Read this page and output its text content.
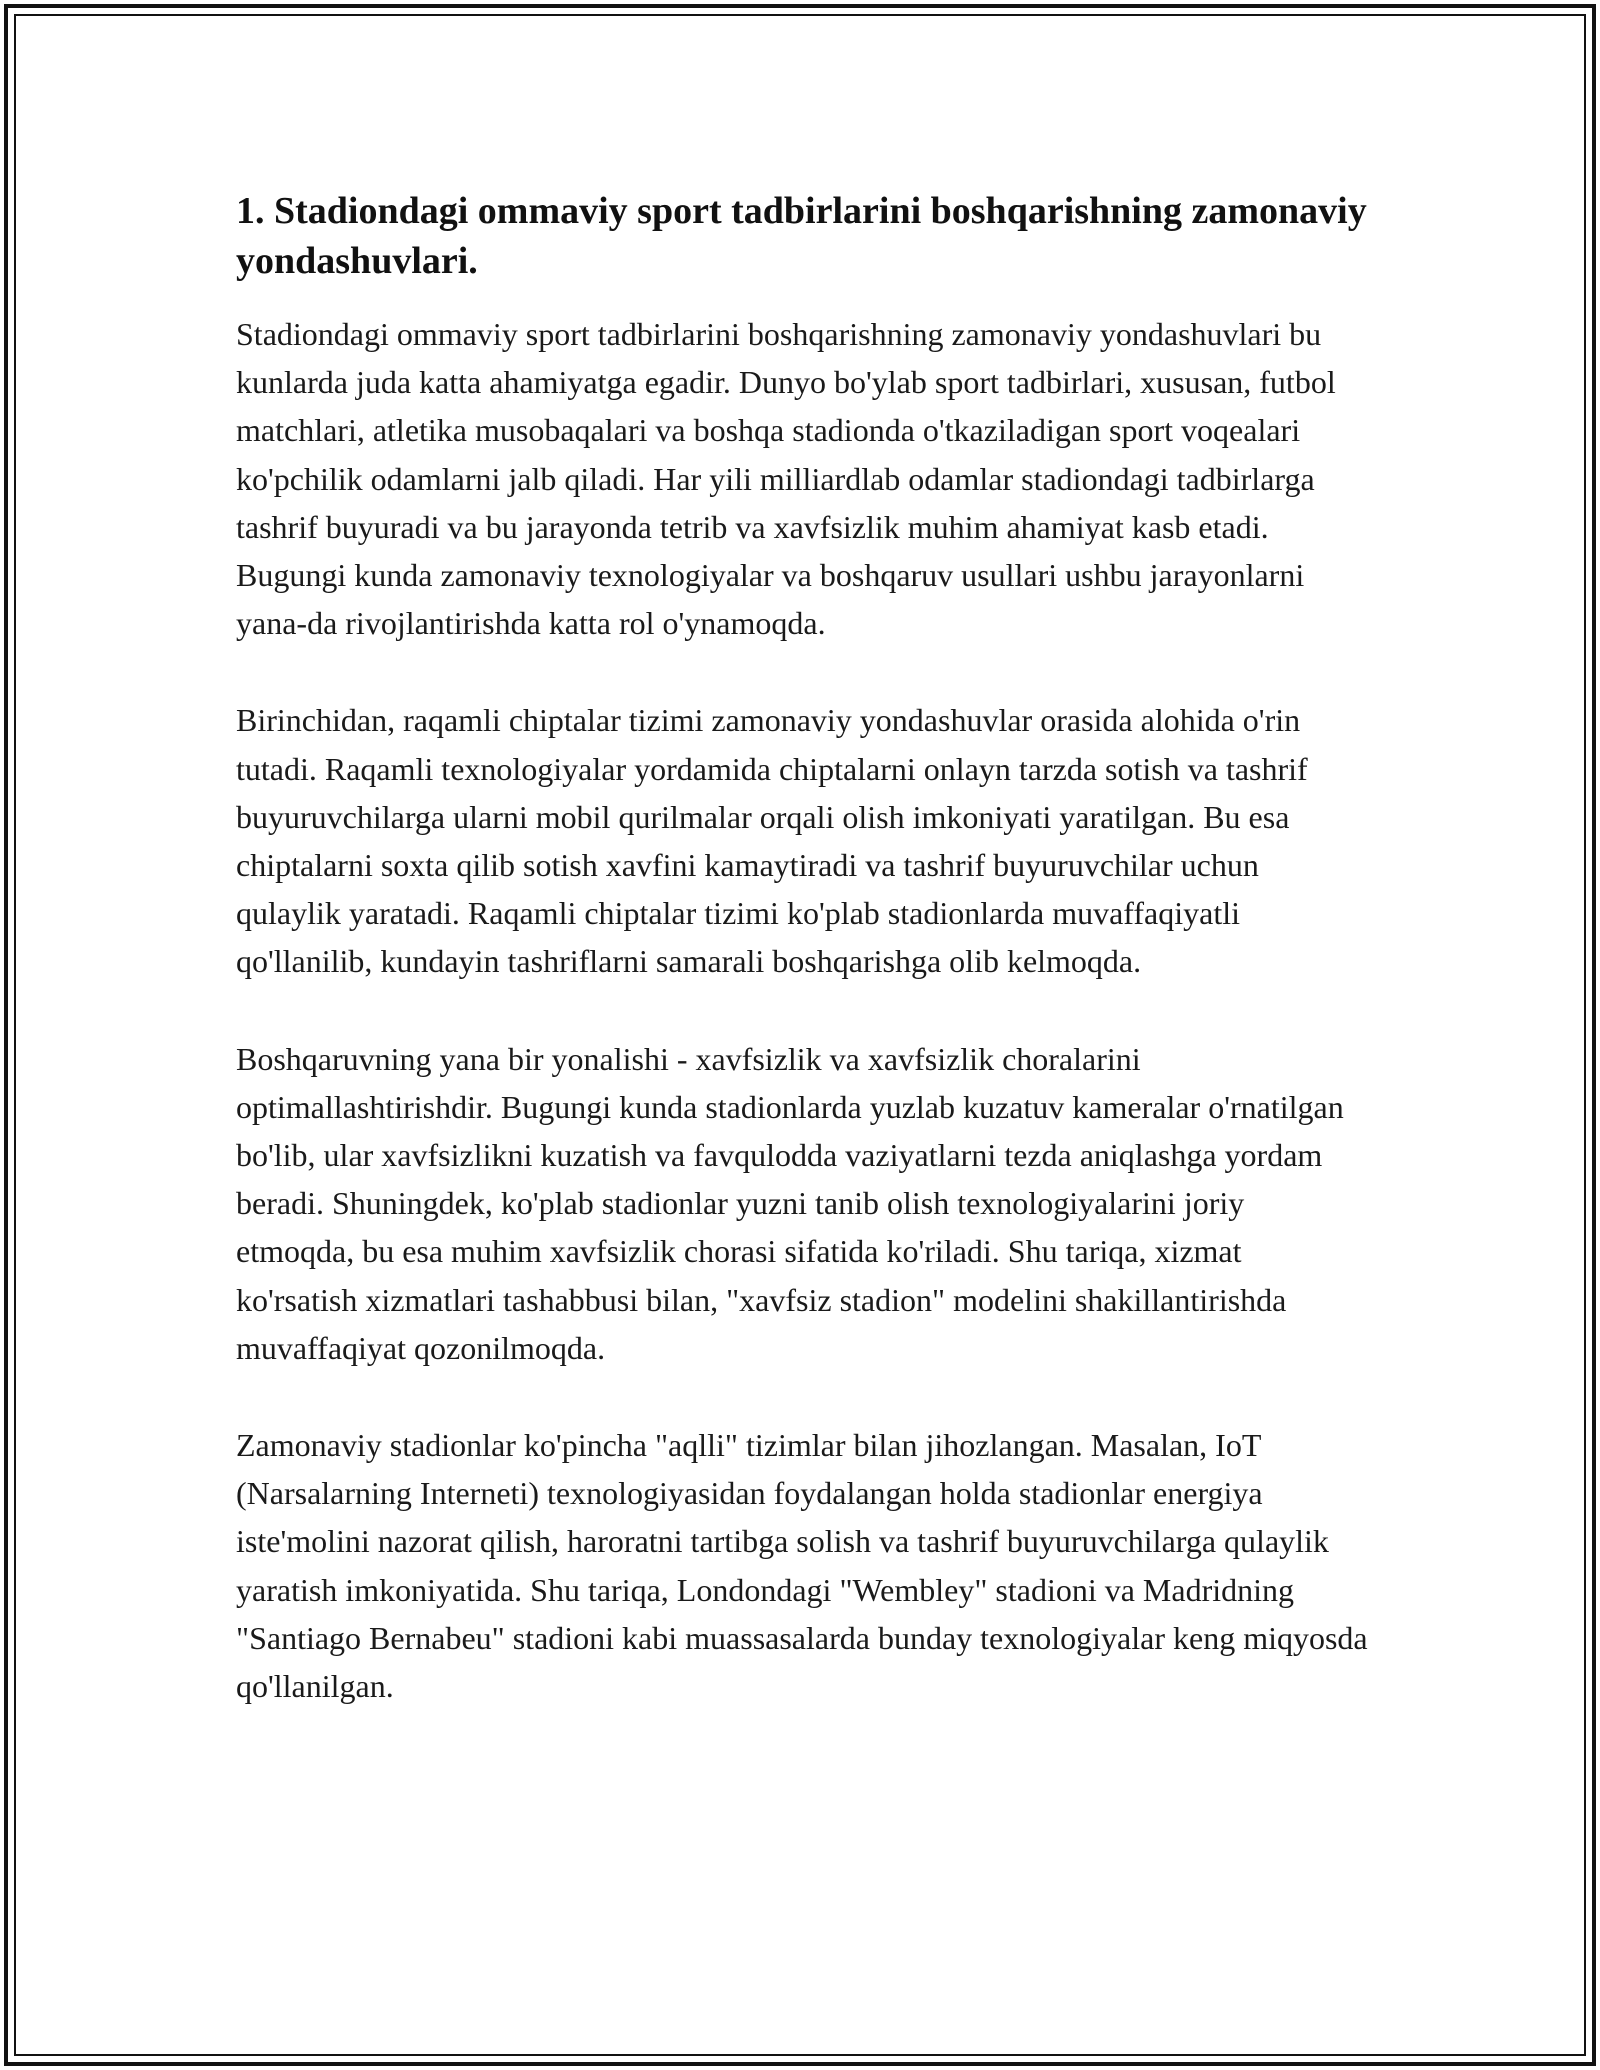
1. Stadiondagi ommaviy sport tadbirlarini boshqarishning zamonaviy yondashuvlari.

Stadiondagi ommaviy sport tadbirlarini boshqarishning zamonaviy yondashuvlari bu kunlarda juda katta ahamiyatga egadir. Dunyo bo'ylab sport tadbirlari, xususan, futbol matchlari, atletika musobaqalari va boshqa stadionda o'tkaziladigan sport voqealari ko'pchilik odamlarni jalb qiladi. Har yili milliardlab odamlar stadiondagi tadbirlarga tashrif buyuradi va bu jarayonda tetrib va xavfsizlik muhim ahamiyat kasb etadi. Bugungi kunda zamonaviy texnologiyalar va boshqaruv usullari ushbu jarayonlarni yana-da rivojlantirishda katta rol o'ynamoqda.

Birinchidan, raqamli chiptalar tizimi zamonaviy yondashuvlar orasida alohida o'rin tutadi. Raqamli texnologiyalar yordamida chiptalarni onlayn tarzda sotish va tashrif buyuruvchilarga ularni mobil qurilmalar orqali olish imkoniyati yaratilgan. Bu esa chiptalarni soxta qilib sotish xavfini kamaytiradi va tashrif buyuruvchilar uchun qulaylik yaratadi. Raqamli chiptalar tizimi ko'plab stadionlarda muvaffaqiyatli qo'llanilib, kundayin tashriflarni samarali boshqarishga olib kelmoqda.

Boshqaruvning yana bir yonalishi - xavfsizlik va xavfsizlik choralarini optimallashtirishdir. Bugungi kunda stadionlarda yuzlab kuzatuv kameralar o'rnatilgan bo'lib, ular xavfsizlikni kuzatish va favqulodda vaziyatlarni tezda aniqlashga yordam beradi. Shuningdek, ko'plab stadionlar yuzni tanib olish texnologiyalarini joriy etmoqda, bu esa muhim xavfsizlik chorasi sifatida ko'riladi. Shu tariqa, xizmat ko'rsatish xizmatlari tashabbusi bilan, "xavfsiz stadion" modelini shakillantirishda muvaffaqiyat qozonilmoqda.

Zamonaviy stadionlar ko'pincha "aqlli" tizimlar bilan jihozlangan. Masalan, IoT (Narsalarning Interneti) texnologiyasidan foydalangan holda stadionlar energiya iste'molini nazorat qilish, haroratni tartibga solish va tashrif buyuruvchilarga qulaylik yaratish imkoniyatida. Shu tariqa, Londondagi "Wembley" stadioni va Madridning "Santiago Bernabeu" stadioni kabi muassasalarda bunday texnologiyalar keng miqyosda qo'llanilgan.
